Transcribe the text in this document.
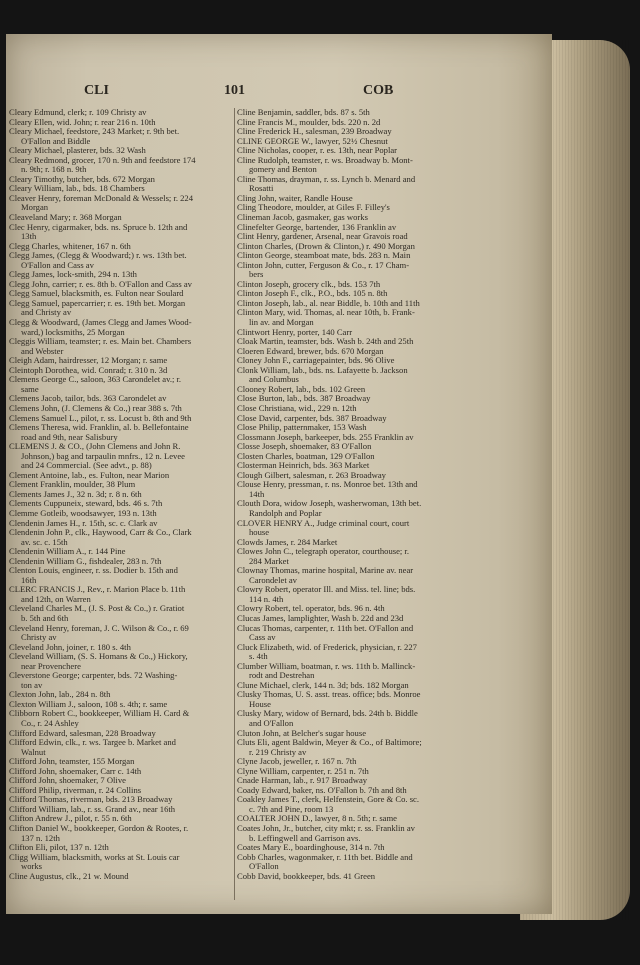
CLI	101	COB
Cleary Edmund, clerk; r. 109 Christy av
Cleary Ellen, wid. John; r. rear 216 n. 10th
Cleary Michael, feedstore, 243 Market; r. 9th bet.
O'Fallon and Biddle
Cleary Michael, plasterer, bds. 32 Wash
Cleary Redmond, grocer, 170 n. 9th and feedstore 174
n. 9th; r. 168 n. 9th
Cleary Timothy, butcher, bds. 672 Morgan
Cleary William, lab., bds. 18 Chambers
Cleaver Henry, foreman McDonald & Wessels; r. 224
Morgan
Cleaveland Mary; r. 368 Morgan
Clec Henry, cigarmaker, bds. ns. Spruce b. 12th and
13th
Clegg Charles, whitener, 167 n. 6th
Clegg James, (Clegg & Woodward;) r. ws. 13th bet.
O'Fallon and Cass av
Clegg James, lock-smith, 294 n. 13th
Clegg John, carrier; r. es. 8th b. O'Fallon and Cass av
Clegg Samuel, blacksmith, es. Fulton near Soulard
Clegg Samuel, papercarrier; r. es. 19th bet. Morgan
and Christy av
Clegg & Woodward, (James Clegg and James Wood-
ward,) locksmiths, 25 Morgan
Cleggis William, teamster; r. es. Main bet. Chambers
and Webster
Cleigh Adam, hairdresser, 12 Morgan; r. same
Cleintoph Dorothea, wid. Conrad; r. 310 n. 3d
Clemens George C., saloon, 363 Carondelet av.; r.
same
Clemens Jacob, tailor, bds. 363 Carondelet av
Clemens John, (J. Clemens & Co.,) rear 388 s. 7th
Clemens Samuel L., pilot, r. ss. Locust b. 8th and 9th
Clemens Theresa, wid. Franklin, al. b. Bellefontaine
road and 9th, near Salisbury
CLEMENS J. & CO., (John Clemens and John R.
Johnson,) bag and tarpaulin mnfrs., 12 n. Levee
and 24 Commercial. (See advt., p. 88)
Clement Antoine, lab., es. Fulton, near Marion
Clement Franklin, moulder, 38 Plum
Clements James J., 32 n. 3d; r. 8 n. 6th
Clements Cuppuneix, steward, bds. 46 s. 7th
Clemme Gotleib, woodsawyer, 193 n. 13th
Clendenin James H., r. 15th, sc. c. Clark av
Clendenin John P., clk., Haywood, Carr & Co., Clark
av. sc. c. 15th
Clendenin William A., r. 144 Pine
Clendenin William G., fishdealer, 283 n. 7th
Clenton Louis, engineer, r. ss. Dodier b. 15th and
16th
CLERC FRANCIS J., Rev., r. Marion Place b. 11th
and 12th, on Warren
Cleveland Charles M., (J. S. Post & Co.,) r. Gratiot
b. 5th and 6th
Cleveland Henry, foreman, J. C. Wilson & Co., r. 69
Christy av
Cleveland John, joiner, r. 180 s. 4th
Cleveland William, (S. S. Homans & Co.,) Hickory,
near Provenchere
Cleverstone George; carpenter, bds. 72 Washing-
ton av
Clexton John, lab., 284 n. 8th
Clexton William J., saloon, 108 s. 4th; r. same
Clibborn Robert C., bookkeeper, William H. Card &
Co., r. 24 Ashley
Clifford Edward, salesman, 228 Broadway
Clifford Edwin, clk., r. ws. Targee b. Market and
Walnut
Clifford John, teamster, 155 Morgan
Clifford John, shoemaker, Carr c. 14th
Clifford John, shoemaker, 7 Olive
Clifford Philip, riverman, r. 24 Collins
Clifford Thomas, riverman, bds. 213 Broadway
Clifford William, lab., r. ss. Grand av., near 16th
Clifton Andrew J., pilot, r. 55 n. 6th
Clifton Daniel W., bookkeeper, Gordon & Rootes, r.
137 n. 12th
Clifton Eli, pilot, 137 n. 12th
Cligg William, blacksmith, works at St. Louis car
works
Cline Augustus, clk., 21 w. Mound
Cline Benjamin, saddler, bds. 87 s. 5th
Cline Francis M., moulder, bds. 220 n. 2d
Cline Frederick H., salesman, 239 Broadway
CLINE GEORGE W., lawyer, 52½ Chesnut
Cline Nicholas, cooper, r. es. 13th, near Poplar
Cline Rudolph, teamster, r. ws. Broadway b. Mont-
gomery and Benton
Cline Thomas, drayman, r. ss. Lynch b. Menard and
Rosatti
Cling John, waiter, Randle House
Cling Theodore, moulder, at Giles F. Filley's
Clineman Jacob, gasmaker, gas works
Clinefelter George, bartender, 136 Franklin av
Clint Henry, gardener, Arsenal, near Gravois road
Clinton Charles, (Drown & Clinton,) r. 490 Morgan
Clinton George, steamboat mate, bds. 283 n. Main
Clinton John, cutter, Ferguson & Co., r. 17 Cham-
bers
Clinton Joseph, grocery clk., bds. 153 7th
Clinton Joseph F., clk., P.O., bds. 105 n. 8th
Clinton Joseph, lab., al. near Biddle, b. 10th and 11th
Clinton Mary, wid. Thomas, al. near 10th, b. Frank-
lin av. and Morgan
Clintwort Henry, porter, 140 Carr
Cloak Martin, teamster, bds. Wash b. 24th and 25th
Cloeren Edward, brewer, bds. 670 Morgan
Cloney John F., carriagepainter, bds. 96 Olive
Clonk William, lab., bds. ns. Lafayette b. Jackson
and Columbus
Clooney Robert, lab., bds. 102 Green
Close Burton, lab., bds. 387 Broadway
Close Christiana, wid., 229 n. 12th
Close David, carpenter, bds. 387 Broadway
Close Philip, patternmaker, 153 Wash
Clossmann Joseph, barkeeper, bds. 255 Franklin av
Closse Joseph, shoemaker, 83 O'Fallon
Closten Charles, boatman, 129 O'Fallon
Closterman Heinrich, bds. 363 Market
Clough Gilbert, salesman, r. 263 Broadway
Clouse Henry, pressman, r. ns. Monroe bet. 13th and
14th
Clouth Dora, widow Joseph, washerwoman, 13th bet.
Randolph and Poplar
CLOVER HENRY A., Judge criminal court, court
house
Clowds James, r. 284 Market
Clowes John C., telegraph operator, courthouse; r.
284 Market
Clownay Thomas, marine hospital, Marine av. near
Carondelet av
Clowry Robert, operator Ill. and Miss. tel. line; bds.
114 n. 4th
Clowry Robert, tel. operator, bds. 96 n. 4th
Clucas James, lamplighter, Wash b. 22d and 23d
Clucas Thomas, carpenter, r. 11th bet. O'Fallon and
Cass av
Cluck Elizabeth, wid. of Frederick, physician, r. 227
s. 4th
Clumber William, boatman, r. ws. 11th b. Mallinck-
rodt and Destrehan
Clune Michael, clerk, 144 n. 3d; bds. 182 Morgan
Clusky Thomas, U. S. asst. treas. office; bds. Monroe
House
Clusky Mary, widow of Bernard, bds. 24th b. Biddle
and O'Fallon
Cluton John, at Belcher's sugar house
Cluts Eli, agent Baldwin, Meyer & Co., of Baltimore;
r. 219 Christy av
Clyne Jacob, jeweller, r. 167 n. 7th
Clyne William, carpenter, r. 251 n. 7th
Cnade Harman, lab., r. 917 Broadway
Coady Edward, baker, ns. O'Fallon b. 7th and 8th
Coakley James T., clerk, Helfenstein, Gore & Co. sc.
c. 7th and Pine, room 13
COALTER JOHN D., lawyer, 8 n. 5th; r. same
Coates John, Jr., butcher, city mkt; r. ss. Franklin av
b. Leffingwell and Garrison avs.
Coates Mary E., boardinghouse, 314 n. 7th
Cobb Charles, wagonmaker, r. 11th bet. Biddle and
O'Fallon
Cobb David, bookkeeper, bds. 41 Green
